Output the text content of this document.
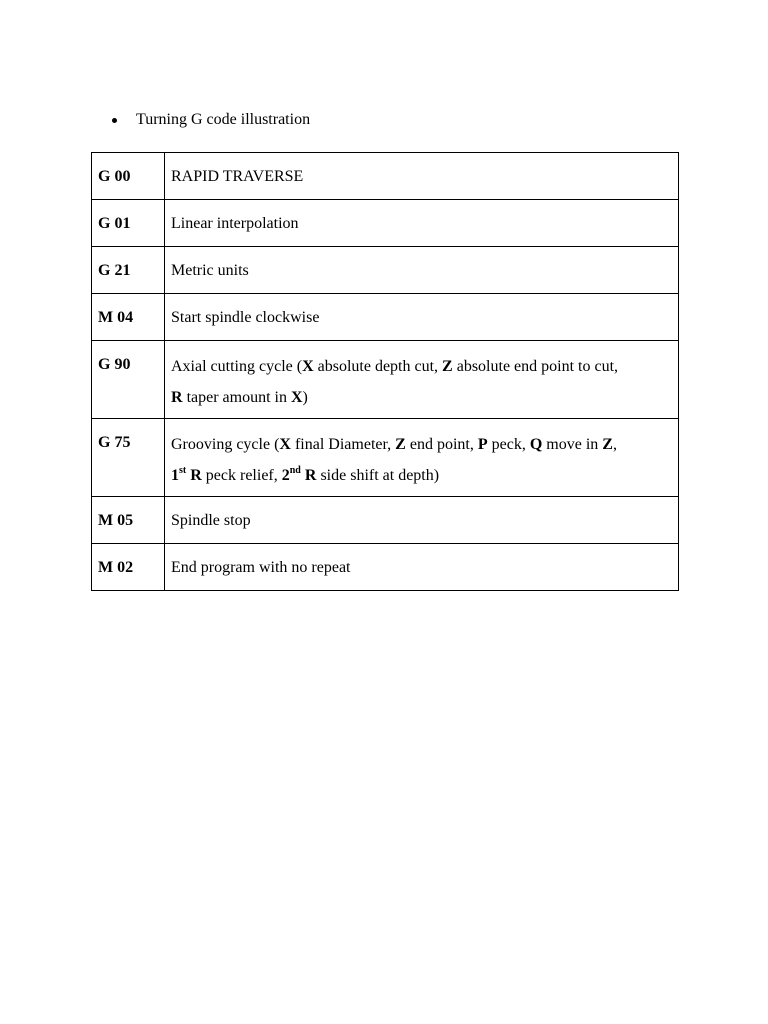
Turning G code illustration
G 00	RAPID TRAVERSE

G 01	Linear interpolation

G 21	Metric units

M 04	Start spindle clockwise

G 90	Axial cutting cycle (X absolute depth cut, Z absolute end point to cut,
R taper amount in X)

G 75	Grooving cycle (X final Diameter, Z end point, P peck, Q move in Z,
1st R peck relief, 2nd R side shift at depth)

M 05	Spindle stop

M 02	End program with no repeat
